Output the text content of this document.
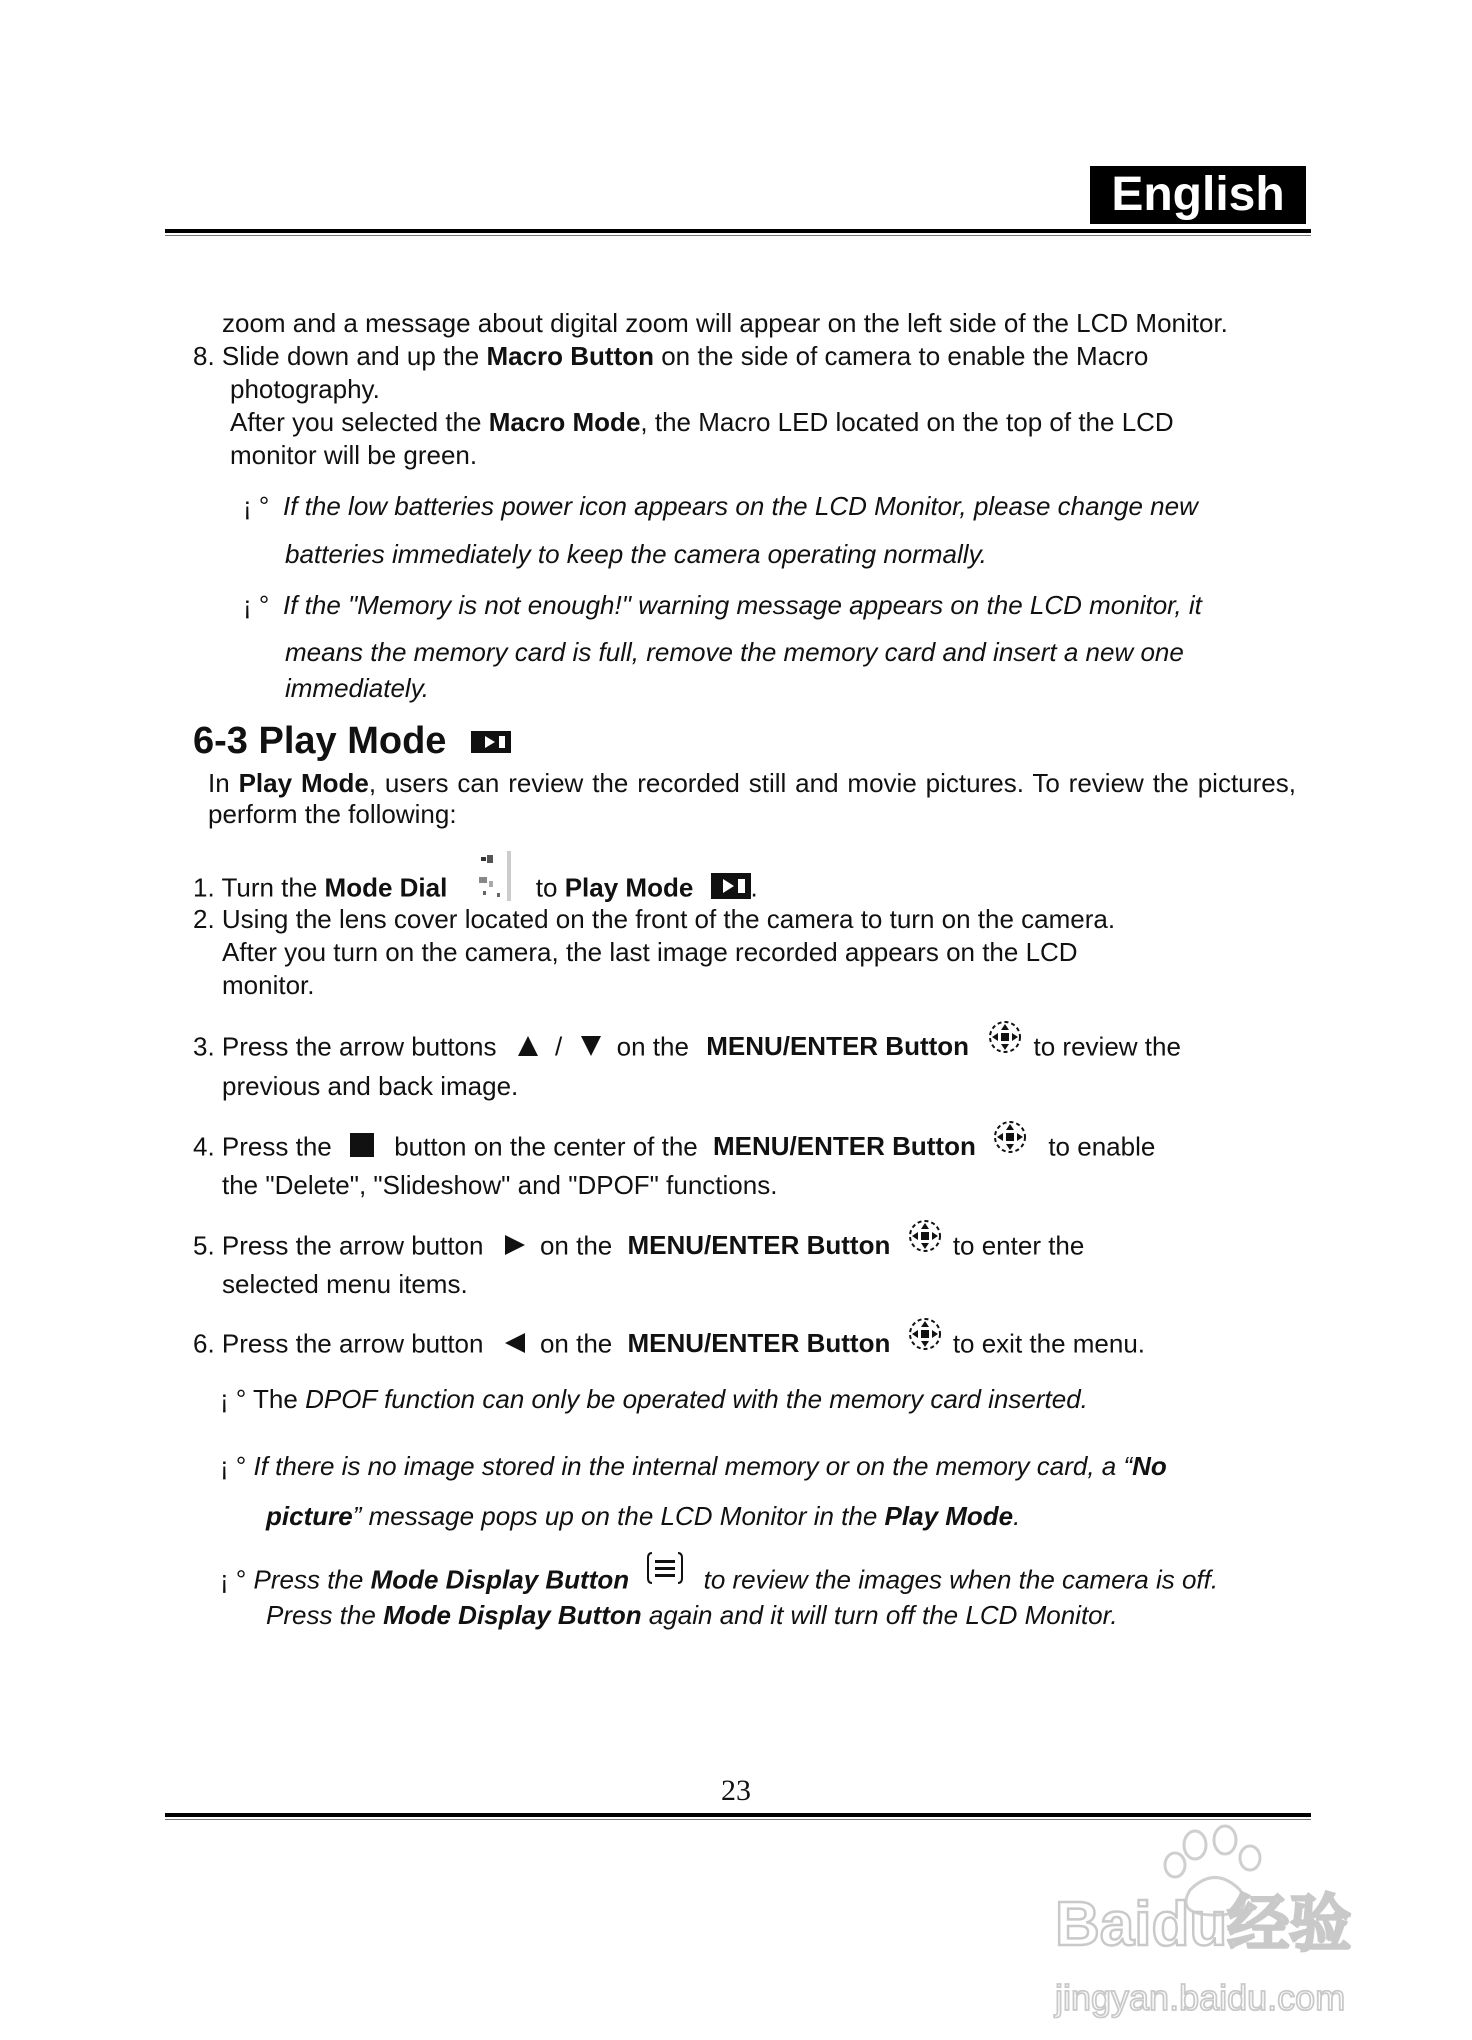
English
zoom and a message about digital zoom will appear on the left side of the LCD Monitor.
8. Slide down and up the Macro Button on the side of camera to enable the Macro
photography.
After you selected the Macro Mode, the Macro LED located on the top of the LCD
monitor will be green.
¡ ° If the low batteries power icon appears on the LCD Monitor, please change new
batteries immediately to keep the camera operating normally.
¡ ° If the "Memory is not enough!" warning message appears on the LCD monitor, it
means the memory card is full, remove the memory card and insert a new one
immediately.
6-3 Play Mode
In Play Mode, users can review the recorded still and movie pictures. To review the pictures, perform the following:
1. Turn the Mode Dial	to Play Mode .
2. Using the lens cover located on the front of the camera to turn on the camera.
After you turn on the camera, the last image recorded appears on the LCD
monitor.
3. Press the arrow buttons / on the MENU/ENTER Button to review the
previous and back image.
4. Press the button on the center of the MENU/ENTER Button	to enable
the "Delete", "Slideshow" and "DPOF" functions.
5. Press the arrow button on the MENU/ENTER Button to enter the
selected menu items.
6. Press the arrow button on the MENU/ENTER Button to exit the menu.
¡ ° The DPOF function can only be operated with the memory card inserted.
¡ ° If there is no image stored in the internal memory or on the memory card, a “No
picture” message pops up on the LCD Monitor in the Play Mode.
¡ ° Press the Mode Display Button	to review the images when the camera is off.
Press the Mode Display Button again and it will turn off the LCD Monitor.
23
Baidu经验
jingyan.baidu.com
